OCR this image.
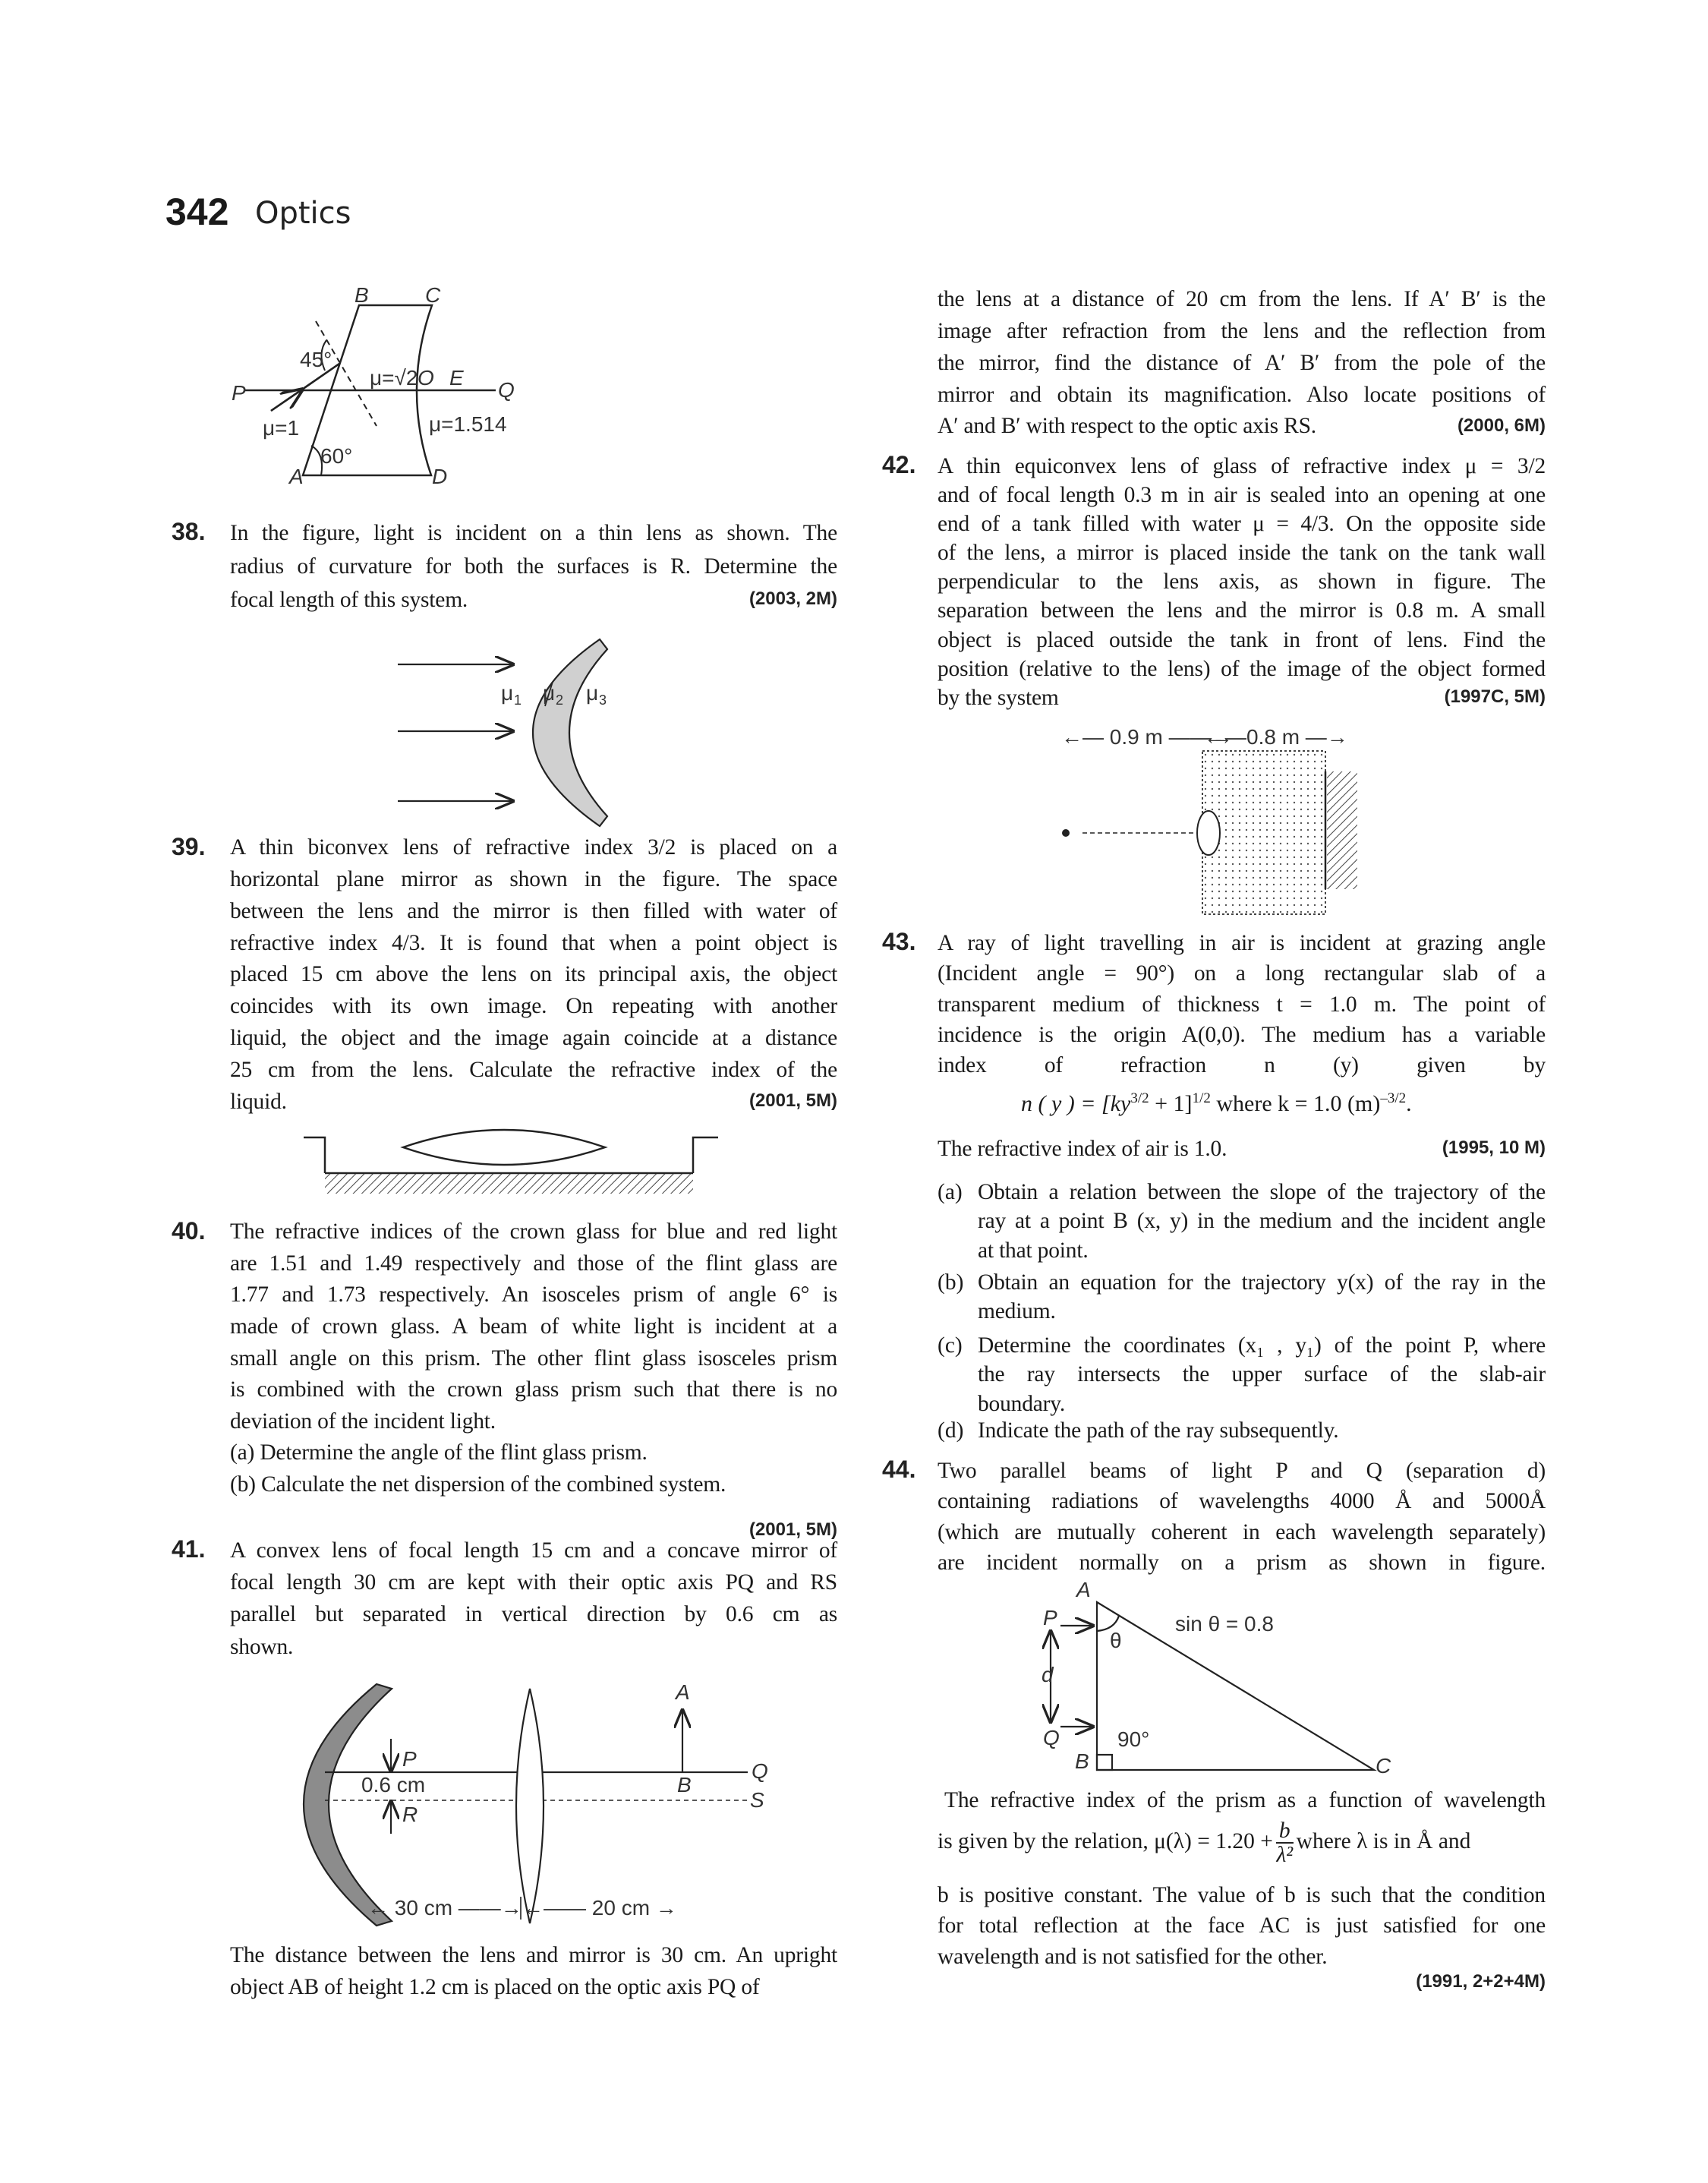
342 Optics
38. In the figure, light is incident on a thin lens as shown. The
radius of curvature for both the surfaces is R. Determine the
focal length of this system.	(2003, 2M)
39. A thin biconvex lens of refractive index 3/2 is placed on a
horizontal plane mirror as shown in the figure. The space
between the lens and the mirror is then filled with water of
refractive index 4/3. It is found that when a point object is
placed 15 cm above the lens on its principal axis, the object
coincides with its own image. On repeating with another
liquid, the object and the image again coincide at a distance
25 cm from the lens. Calculate the refractive index of the
liquid.	(2001, 5M)
40. The refractive indices of the crown glass for blue and red light
are 1.51 and 1.49 respectively and those of the flint glass are
1.77 and 1.73 respectively. An isosceles prism of angle 6° is
made of crown glass. A beam of white light is incident at a
small angle on this prism. The other flint glass isosceles prism
is combined with the crown glass prism such that there is no
deviation of the incident light.
(a) Determine the angle of the flint glass prism.
(b) Calculate the net dispersion of the combined system.
(2001, 5M)
41. A convex lens of focal length 15 cm and a concave mirror of
focal length 30 cm are kept with their optic axis PQ and RS
parallel but separated in vertical direction by 0.6 cm as
shown.
The distance between the lens and mirror is 30 cm. An upright
object AB of height 1.2 cm is placed on the optic axis PQ of
the lens at a distance of 20 cm from the lens. If A′ B′ is the
image after refraction from the lens and the reflection from
the mirror, find the distance of A′ B′ from the pole of the
mirror and obtain its magnification. Also locate positions of
A′ and B′ with respect to the optic axis RS.	(2000, 6M)
42. A thin equiconvex lens of glass of refractive index μ = 3/2
and of focal length 0.3 m in air is sealed into an opening at one
end of a tank filled with water μ = 4/3. On the opposite side
of the lens, a mirror is placed inside the tank on the tank wall
perpendicular to the lens axis, as shown in figure. The
separation between the lens and the mirror is 0.8 m. A small
object is placed outside the tank in front of lens. Find the
position (relative to the lens) of the image of the object formed
by the system	(1997C, 5M)
43. A ray of light travelling in air is incident at grazing angle
(Incident angle = 90°) on a long rectangular slab of a
transparent medium of thickness t = 1.0 m. The point of
incidence is the origin A(0,0). The medium has a variable
index of refraction n (y) given by
The refractive index of air is 1.0.	(1995, 10 M)
44. Two parallel beams of light P and Q (separation d)
containing radiations of wavelengths 4000 Å and 5000Å
(which are mutually coherent in each wavelength separately)
are incident normally on a prism as shown in figure.
(a) Obtain a relation between the slope of the trajectory of the
ray at a point B (x, y) in the medium and the incident angle
at that point.
(b) Obtain an equation for the trajectory y(x) of the ray in the
medium.
(c) Determine the coordinates (x₁ , y₁) of the point P, where
the ray intersects the upper surface of the slab-air
boundary.
(d) Indicate the path of the ray subsequently.
The refractive index of the prism as a function of wavelength
b is positive constant. The value of b is such that the condition
for total reflection at the face AC is just satisfied for one
wavelength and is not satisfied for the other.
(1991, 2+2+4M)
n ( y ) = $[ky^{3/2} + 1]^{1/2}$ where k = 1.0 $(m)^{-3/2}$.
is given by the relation, $\mu(\lambda) = 1.20 + \frac{b}{\text{λ²}}$ where λ is in Å and
B	C
45°
μ=√2 O E
P	Q
μ=1	μ=1.514
60°
A	D
μ 1 μ 2 μ 3
A
B
P
R
Q
S
0.6 cm
← 30 cm ——→ ←—— 20 cm →
←— 0.9 m ——→
←—0.8 m —→
A
B	C
P
Q
d
θ
sin θ = 0.8
90°
